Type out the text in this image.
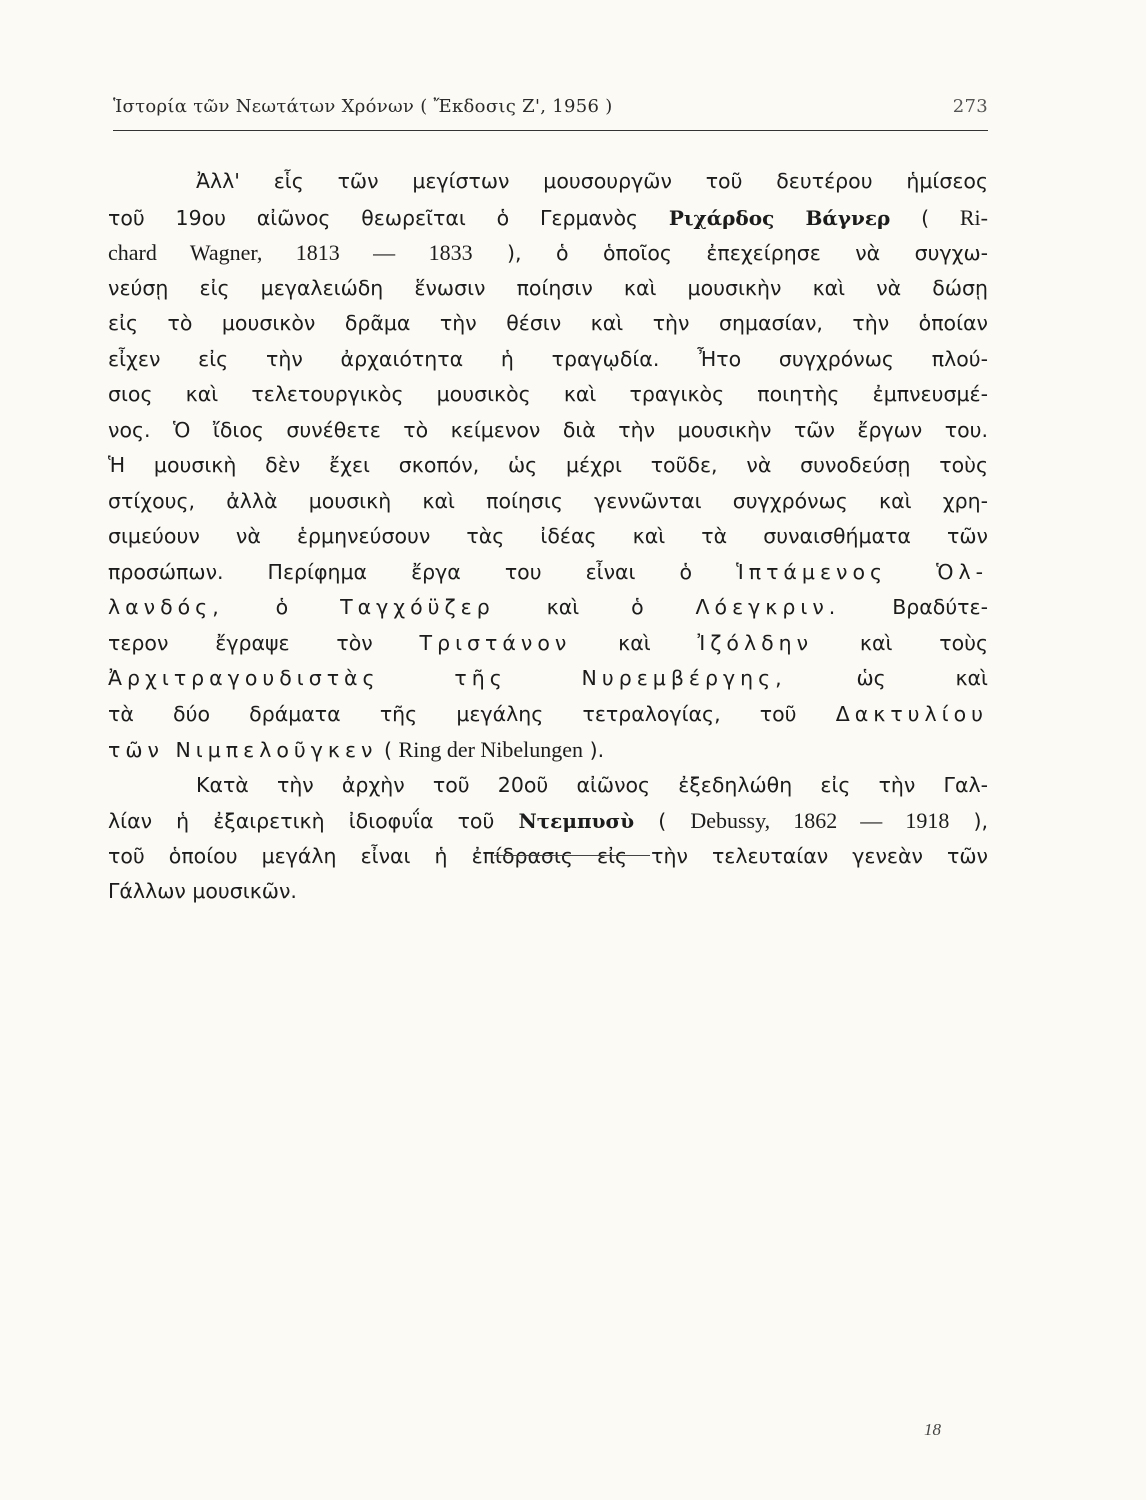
Ἱστορία τῶν Νεωτάτων Χρόνων ( Ἔκδοσις Ζ', 1956 )	273
Ἀλλ' εἷς τῶν μεγίστων μουσουργῶν τοῦ δευτέρου ἡμίσεος
τοῦ 19ου αἰῶνος θεωρεῖται ὁ Γερμανὸς Ριχάρδος Βάγνερ ( Ri-
chard Wagner, 1813 — 1833 ), ὁ ὁποῖος ἐπεχείρησε νὰ συγχω-
νεύσῃ εἰς μεγαλειώδη ἕνωσιν ποίησιν καὶ μουσικὴν καὶ νὰ δώσῃ
εἰς τὸ μουσικὸν δρᾶμα τὴν θέσιν καὶ τὴν σημασίαν, τὴν ὁποίαν
εἶχεν εἰς τὴν ἀρχαιότητα ἡ τραγῳδία. Ἦτο συγχρόνως πλού-
σιος καὶ τελετουργικὸς μουσικὸς καὶ τραγικὸς ποιητὴς ἐμπνευσμέ-
νος. Ὁ ἴδιος συνέθετε τὸ κείμενον διὰ τὴν μουσικὴν τῶν ἔργων του.
Ἡ μουσικὴ δὲν ἔχει σκοπόν, ὡς μέχρι τοῦδε, νὰ συνοδεύσῃ τοὺς
στίχους, ἀλλὰ μουσικὴ καὶ ποίησις γεννῶνται συγχρόνως καὶ χρη-
σιμεύουν νὰ ἑρμηνεύσουν τὰς ἰδέας καὶ τὰ συναισθήματα τῶν
προσώπων. Περίφημα ἔργα του εἶναι ὁ Ἱπτάμενος Ὁλ-
λανδός, ὁ Ταγχόϋζερ καὶ ὁ Λόεγκριν. Βραδύτε-
τερον ἔγραψε τὸν Τριστάνον καὶ Ἰζόλδην καὶ τοὺς
Ἀρχιτραγουδιστὰς τῆς Νυρεμβέργης, ὡς καὶ
τὰ δύο δράματα τῆς μεγάλης τετραλογίας, τοῦ Δακτυλίου
τῶν Νιμπελοῦγκεν ( Ring der Nibelungen ).
Κατὰ τὴν ἀρχὴν τοῦ 20οῦ αἰῶνος ἐξεδηλώθη εἰς τὴν Γαλ-
λίαν ἡ ἐξαιρετικὴ ἰδιοφυΐα τοῦ Ντεμπυσὺ ( Debussy, 1862 — 1918 ),
τοῦ ὁποίου μεγάλη εἶναι ἡ ἐπίδρασις εἰς τὴν τελευταίαν γενεὰν τῶν
Γάλλων μουσικῶν.
18
